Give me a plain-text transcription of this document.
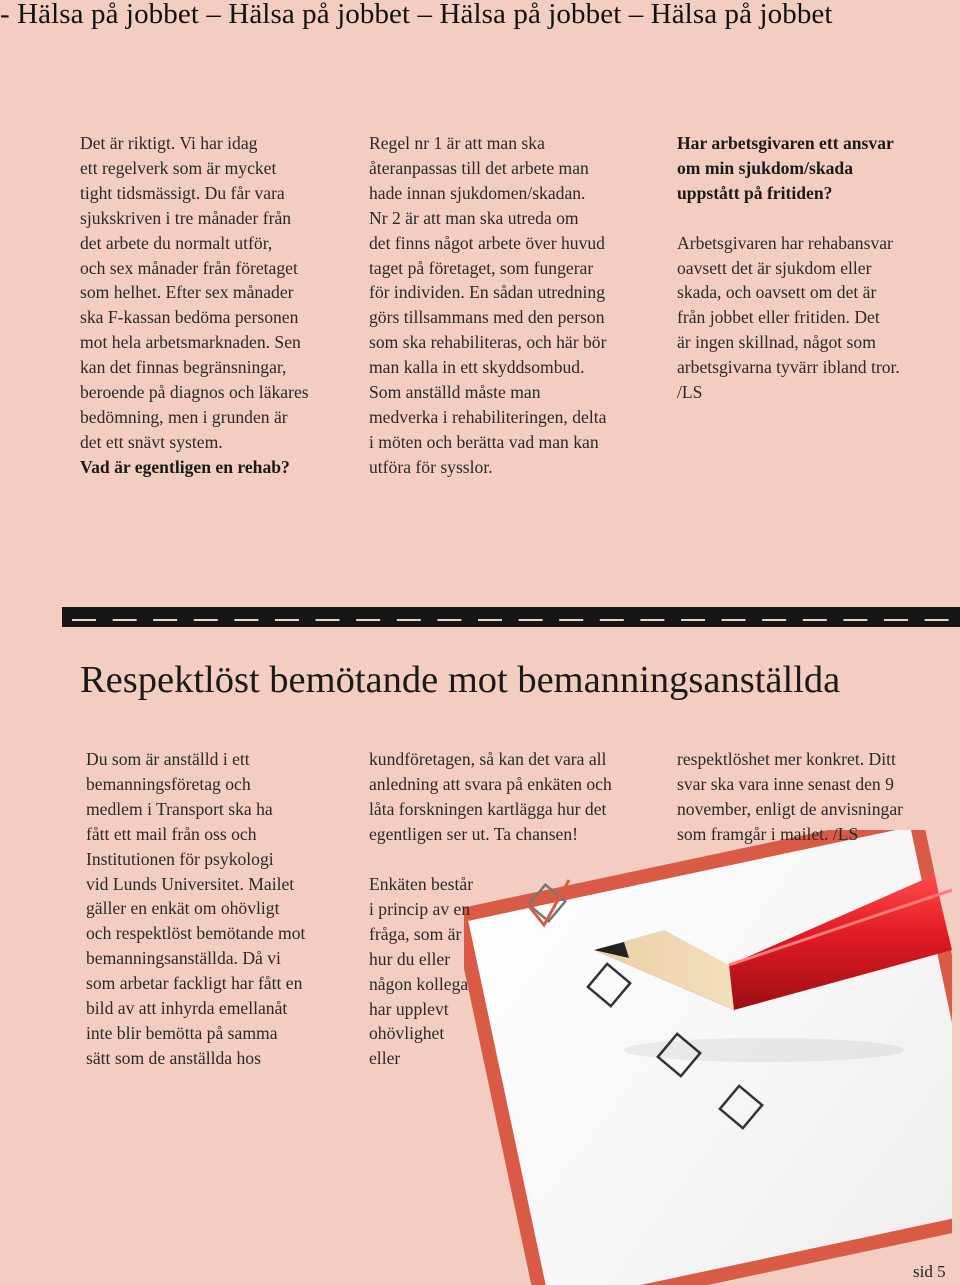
- Hälsa på jobbet – Hälsa på jobbet – Hälsa på jobbet – Hälsa på jobbet

Det är riktigt. Vi har idag

ett regelverk som är mycket

tight tidsmässigt. Du får vara

sjukskriven i tre månader från

det arbete du normalt utför,

och sex månader från företaget

som helhet. Efter sex månader

ska F-kassan bedöma personen

mot hela arbetsmarknaden. Sen

kan det finnas begränsningar,

beroende på diagnos och läkares

bedömning, men i grunden är

det ett snävt system.

Vad är egentligen en rehab?

Regel nr 1 är att man ska

återanpassas till det arbete man

hade innan sjukdomen/skadan.

Nr 2 är att man ska utreda om

det finns något arbete över huvud

taget på företaget, som fungerar

för individen. En sådan utredning

görs tillsammans med den person

som ska rehabiliteras, och här bör

man kalla in ett skyddsombud.

Som anställd måste man

medverka i rehabiliteringen, delta

i möten och berätta vad man kan

utföra för sysslor.

Har arbetsgivaren ett ansvar

om min sjukdom/skada

uppstått på fritiden?

Arbetsgivaren har rehabansvar

oavsett det är sjukdom eller

skada, och oavsett om det är

från jobbet eller fritiden. Det

är ingen skillnad, något som

arbetsgivarna tyvärr ibland tror.

/LS

Respektlöst bemötande mot bemanningsanställda

Du som är anställd i ett

bemanningsföretag och

medlem i Transport ska ha

fått ett mail från oss och

Institutionen för psykologi

vid Lunds Universitet. Mailet

gäller en enkät om ohövligt

och respektlöst bemötande mot

bemanningsanställda. Då vi

som arbetar fackligt har fått en

bild av att inhyrda emellanåt

inte blir bemötta på samma

sätt som de anställda hos

kundföretagen, så kan det vara all

anledning att svara på enkäten och

låta forskningen kartlägga hur det

egentligen ser ut. Ta chansen!

Enkäten består

i princip av en

fråga, som är

hur du eller

någon kollega

har upplevt

ohövlighet

eller

respektlöshet mer konkret. Ditt

svar ska vara inne senast den 9

november, enligt de anvisningar

som framgår i mailet. /LS

sid 5
